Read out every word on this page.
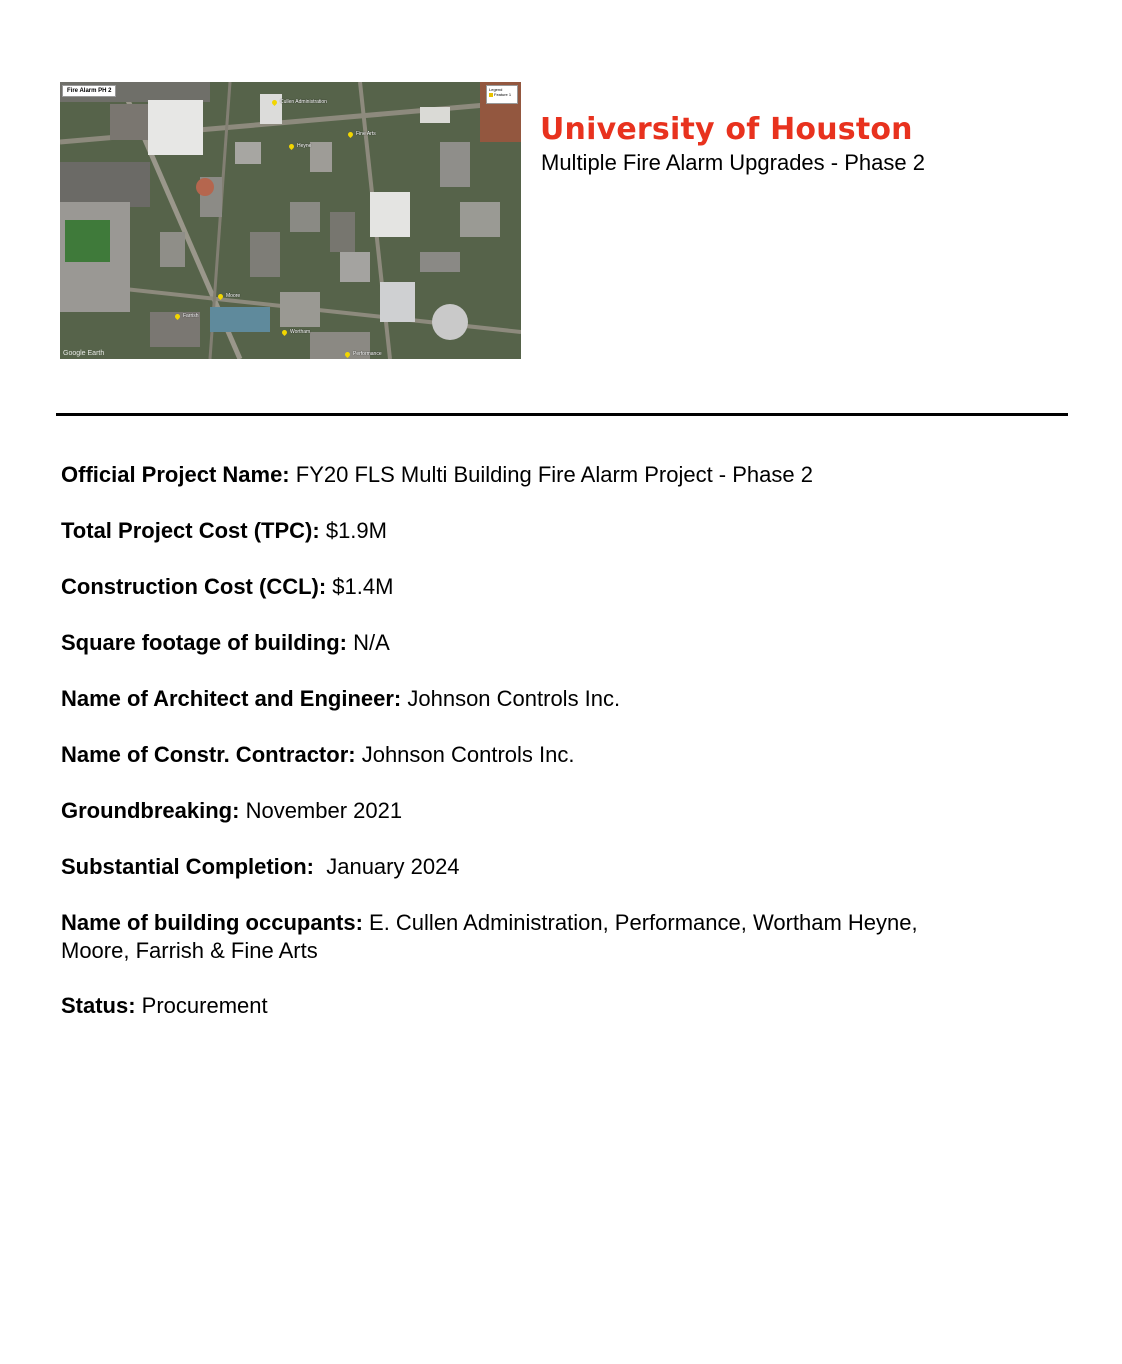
Fire Alarm PH 2	Legend
Feature 1
Cullen Administration
Fine Arts
Heyne
Moore
Farrish
Wortham
Performance
Google Earth
University of Houston

Multiple Fire Alarm Upgrades - Phase 2

Official Project Name: FY20 FLS Multi Building Fire Alarm Project - Phase 2

Total Project Cost (TPC): $1.9M

Construction Cost (CCL): $1.4M

Square footage of building: N/A

Name of Architect and Engineer: Johnson Controls Inc.

Name of Constr. Contractor: Johnson Controls Inc.

Groundbreaking: November 2021

Substantial Completion:  January 2024

Name of building occupants: E. Cullen Administration, Performance, Wortham Heyne, Moore, Farrish & Fine Arts

Status: Procurement
